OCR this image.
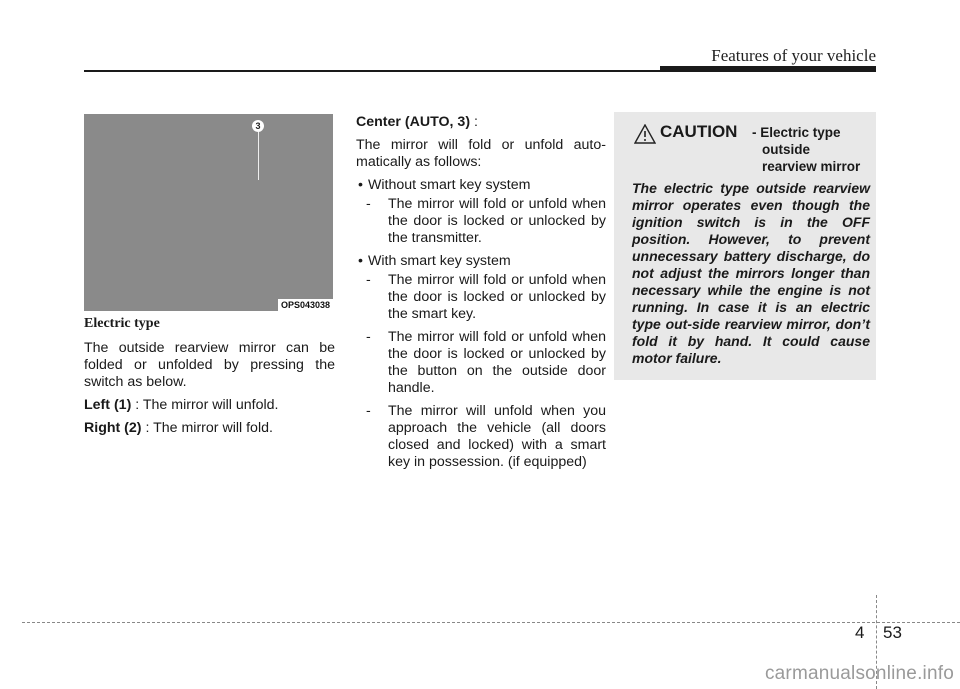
Features of your vehicle
OPS043038
3
Electric type

The outside rearview mirror can be folded or unfolded by pressing the switch as below.

Left (1) : The mirror will unfold.

Right (2) : The mirror will fold.

Center (AUTO, 3) :

The mirror will fold or unfold auto-matically as follows:

• Without smart key system
- The mirror will fold or unfold when the door is locked or unlocked by the transmitter.
• With smart key system
- The mirror will fold or unfold when the door is locked or unlocked by the smart key.
- The mirror will fold or unfold when the door is locked or unlocked by the button on the outside door handle.
- The mirror will unfold when you approach the vehicle (all doors closed and locked) with a smart key in possession. (if equipped)
CAUTION - Electric type
outside
rearview mirror
The electric type outside rearview mirror operates even though the ignition switch is in the OFF position. However, to prevent unnecessary battery discharge, do not adjust the mirrors longer than necessary while the engine is not running. In case it is an electric type out-side rearview mirror, don’t fold it by hand. It could cause motor failure.
4 53
carmanualsonline.info
